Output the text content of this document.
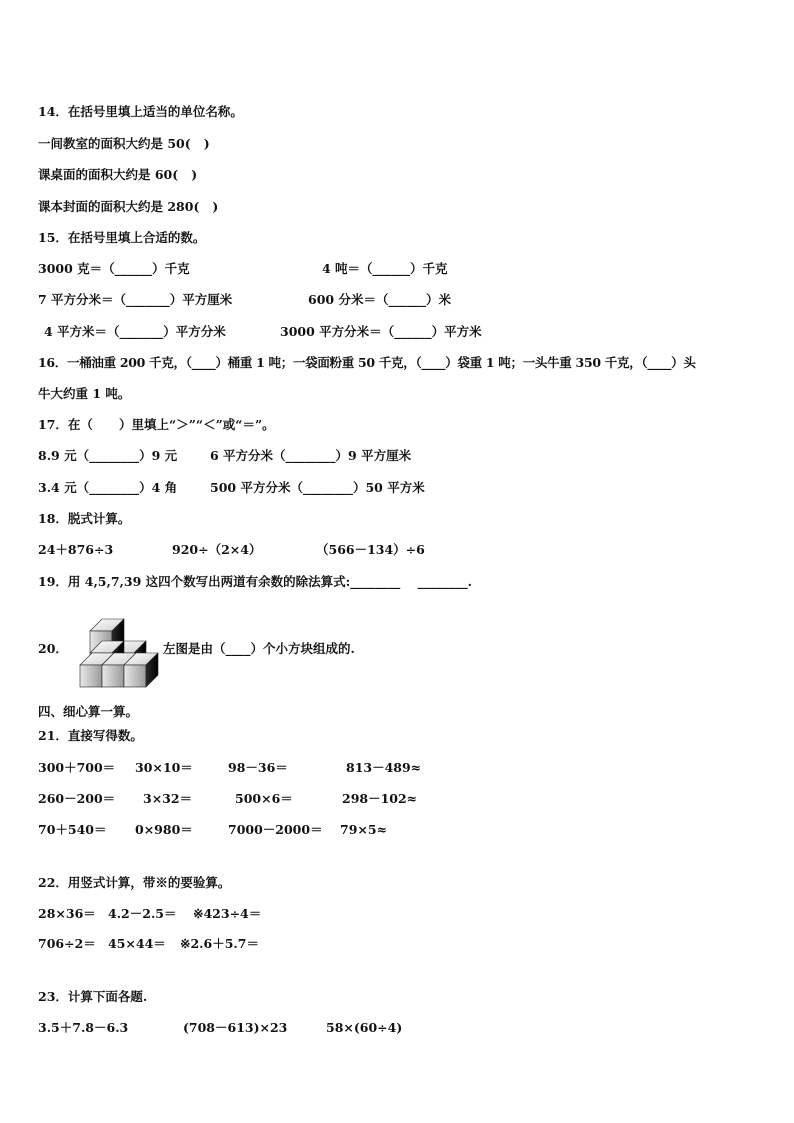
14．在括号里填上适当的单位名称。
一间教室的面积大约是 50(   )
课桌面的面积大约是 60(   )
课本封面的面积大约是 280(   )
15．在括号里填上合适的数。
3000 克＝（______）千克	4 吨＝（______）千克
7 平方分米＝（_______）平方厘米	600 分米＝（______）米
4 平方米＝（_______）平方分米	3000 平方分米＝（______）平方米
16．一桶油重 200 千克，（____）桶重 1 吨；一袋面粉重 50 千克，（____）袋重 1 吨；一头牛重 350 千克，（____）头
牛大约重 1 吨。
17．在（      ）里填上“＞”“＜”或“＝”。
8.9 元（________）9 元	6 平方分米（________）9 平方厘米
3.4 元（________）4 角	500 平方分米（________）50 平方米
18．脱式计算。
24＋876÷3	920÷（2×4）	（566－134）÷6
19．用 4,5,7,39 这四个数写出两道有余数的除法算式:________    ________.
20．	左图是由（____）个小方块组成的.
四、细心算一算。
21．直接写得数。
300＋700＝ 30×10＝	98－36＝	813－489≈
260－200＝ 3×32＝	500×6＝	298－102≈
70＋540＝ 0×980＝	7000－2000＝ 79×5≈
22．用竖式计算，带※的要验算。
28×36＝ 4.2－2.5＝ ※423÷4＝
706÷2＝ 45×44＝ ※2.6＋5.7＝
23．计算下面各题.
3.5＋7.8－6.3	(708－613)×23	58×(60÷4)
